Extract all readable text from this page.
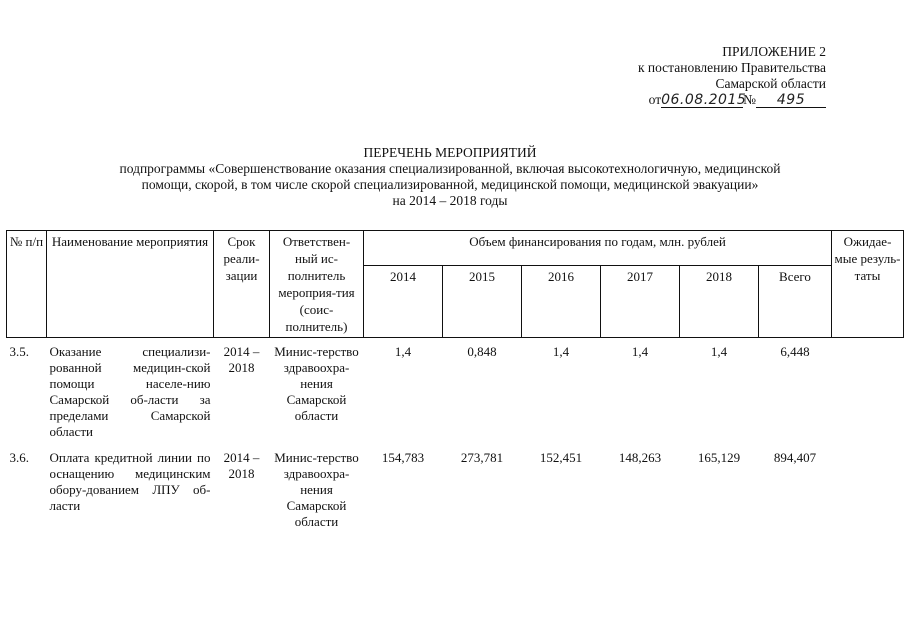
ПРИЛОЖЕНИЕ 2
к постановлению Правительства
Самарской области
от06.08.2015№ 495
ПЕРЕЧЕНЬ МЕРОПРИЯТИЙ
подпрограммы «Совершенствование оказания специализированной, включая высокотехнологичную, медицинской
помощи, скорой, в том числе скорой специализированной, медицинской помощи, медицинской эвакуации»
на 2014 – 2018 годы
№ п/п	Наименование мероприятия	Срок реали-зации	Ответствен-ный ис-полнитель мероприя-тия (соис-полнитель)	Объем финансирования по годам, млн. рублей						Ожидае-мые резуль-таты
				2014	2015	2016	2017	2018	Всего	
3.5.	Оказание специализи-рованной медицин-ской помощи населе-нию Самарской об-ласти за пределами Самарской области	2014 – 2018	Минис-терство здравоохра-нения Самарской области	1,4	0,848	1,4	1,4	1,4	6,448	
3.6.	Оплата кредитной линии по оснащению медицинским обору-дованием ЛПУ об-ласти	2014 – 2018	Минис-терство здравоохра-нения Самарской области	154,783	273,781	152,451	148,263	165,129	894,407	
